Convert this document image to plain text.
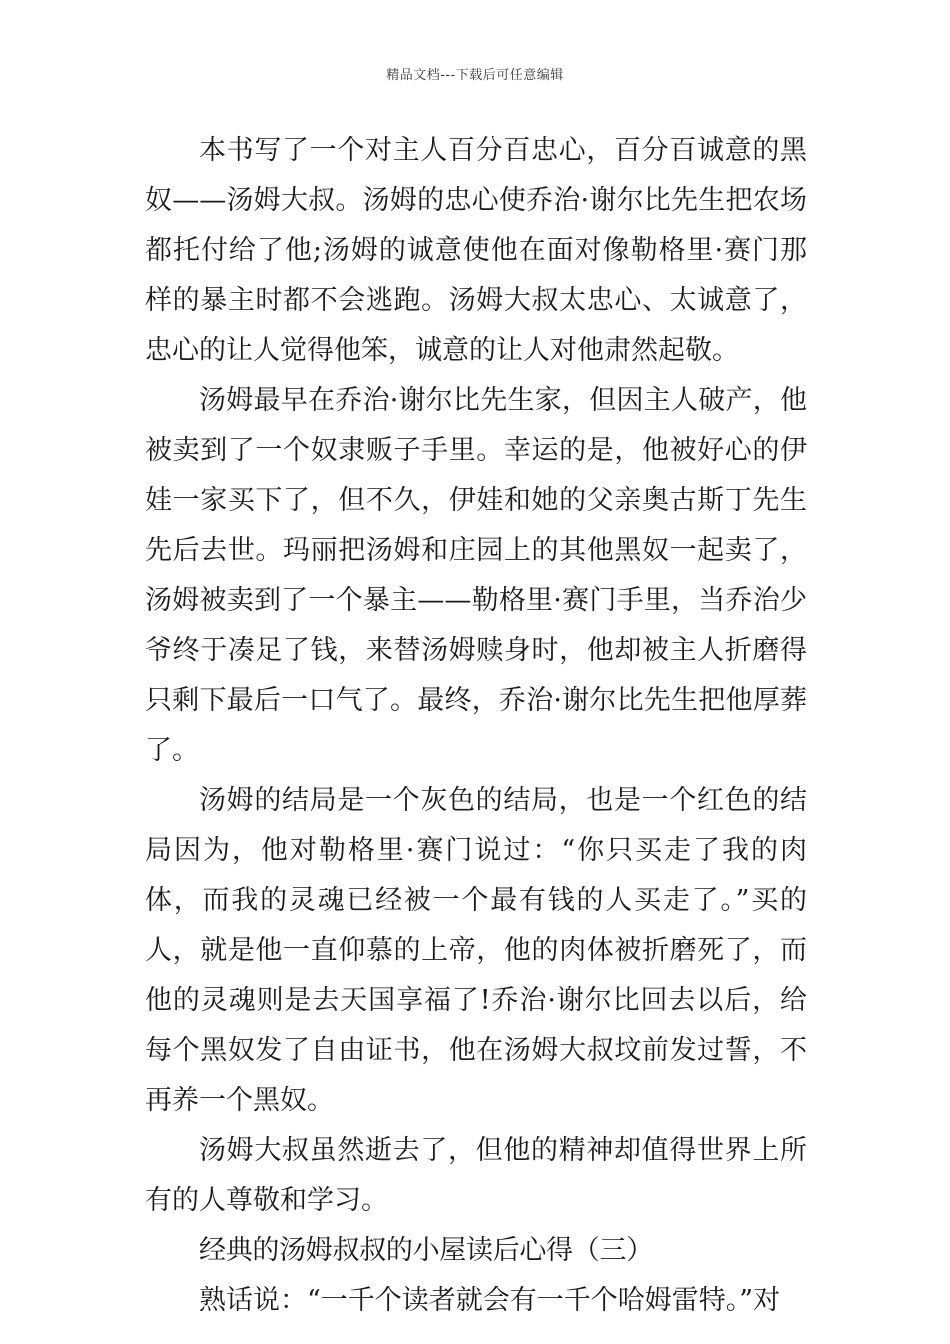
精品文档---下载后可任意编辑

本书写了一个对主人百分百忠心，百分百诚意的黑奴——汤姆大叔。汤姆的忠心使乔治·谢尔比先生把农场都托付给了他;汤姆的诚意使他在面对像勒格里·赛门那样的暴主时都不会逃跑。汤姆大叔太忠心、太诚意了，忠心的让人觉得他笨，诚意的让人对他肃然起敬。

汤姆最早在乔治·谢尔比先生家，但因主人破产，他被卖到了一个奴隶贩子手里。幸运的是，他被好心的伊娃一家买下了，但不久，伊娃和她的父亲奥古斯丁先生先后去世。玛丽把汤姆和庄园上的其他黑奴一起卖了，汤姆被卖到了一个暴主——勒格里·赛门手里，当乔治少爷终于凑足了钱，来替汤姆赎身时，他却被主人折磨得只剩下最后一口气了。最终，乔治·谢尔比先生把他厚葬了。

汤姆的结局是一个灰色的结局，也是一个红色的结局因为，他对勒格里·赛门说过：“你只买走了我的肉体，而我的灵魂已经被一个最有钱的人买走了。”买的人，就是他一直仰慕的上帝，他的肉体被折磨死了，而他的灵魂则是去天国享福了!乔治·谢尔比回去以后，给每个黑奴发了自由证书，他在汤姆大叔坟前发过誓，不再养一个黑奴。

汤姆大叔虽然逝去了，但他的精神却值得世界上所有的人尊敬和学习。

经典的汤姆叔叔的小屋读后心得（三）

熟话说：“一千个读者就会有一千个哈姆雷特。”对
